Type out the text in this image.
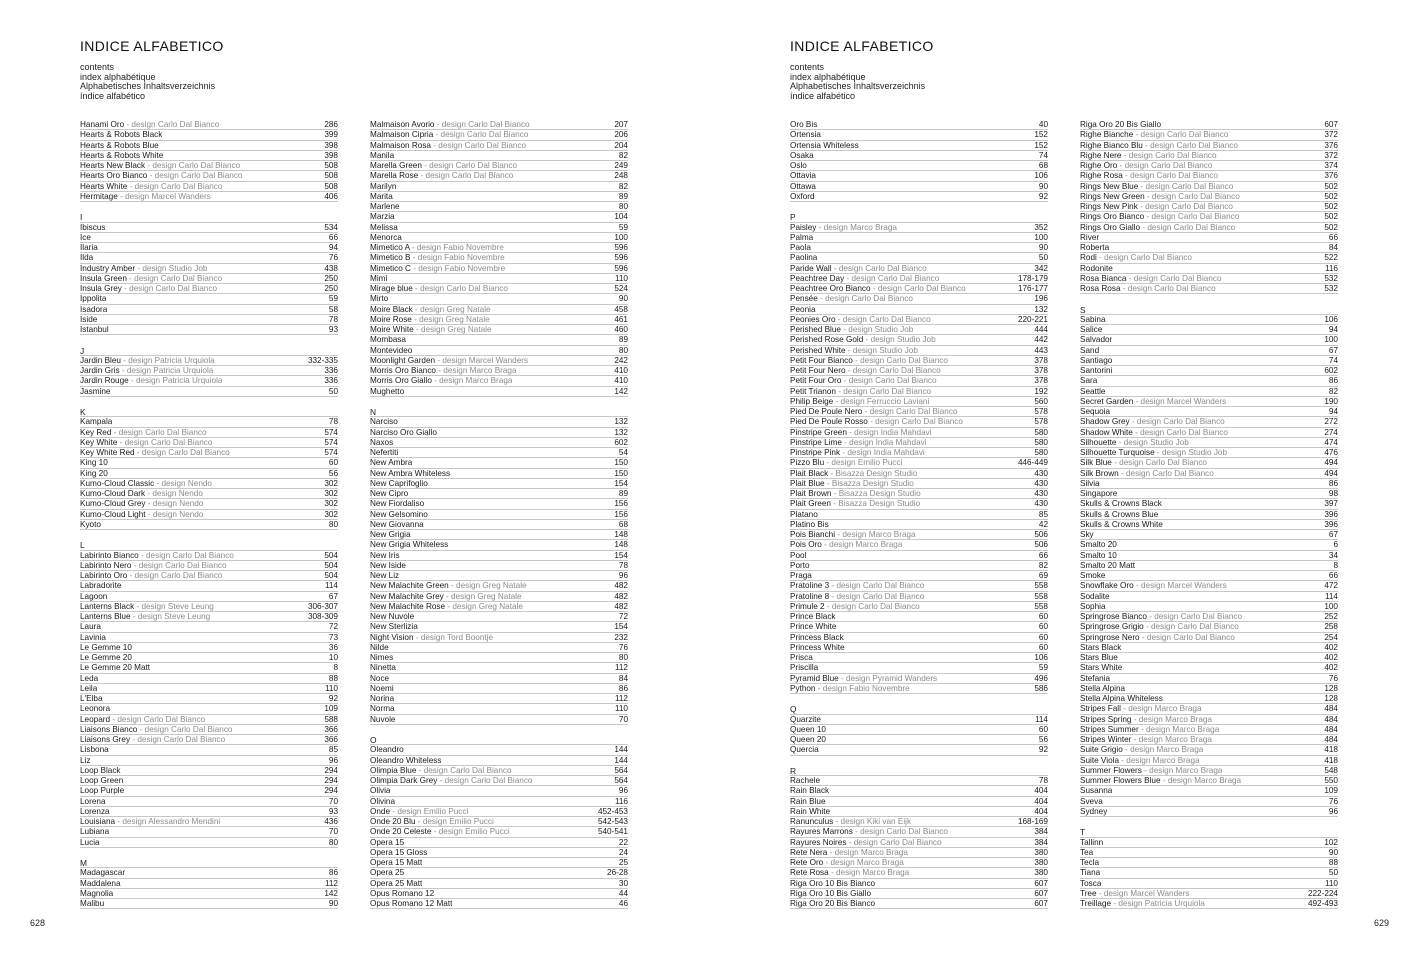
INDICE ALFABETICO
contents
index alphabétique
Alphabetisches Inhaltsverzeichnis
índice alfabético
Hanami Oro - design Carlo Dal Bianco	286
Hearts & Robots Black	399
Hearts & Robots Blue	398
Hearts & Robots White	398
Hearts New Black - design Carlo Dal Bianco	508
Hearts Oro Bianco - design Carlo Dal Bianco	508
Hearts White - design Carlo Dal Bianco	508
Hermitage - design Marcel Wanders	406
I
Ibiscus	534
Ice	66
Ilaria	94
Ilda	76
Industry Amber - design Studio Job	438
Insula Green - design Carlo Dal Bianco	250
Insula Grey - design Carlo Dal Bianco	250
Ippolita	59
Isadora	58
Iside	78
Istanbul	93
J
Jardin Bleu - design Patricia Urquiola	332-335
Jardin Gris - design Patricia Urquiola	336
Jardin Rouge - design Patricia Urquiola	336
Jasmine	50
K
Kampala	78
Key Red - design Carlo Dal Bianco	574
Key White - design Carlo Dal Bianco	574
Key White Red - design Carlo Dal Bianco	574
King 10	60
King 20	56
Kumo-Cloud Classic - design Nendo	302
Kumo-Cloud Dark - design Nendo	302
Kumo-Cloud Grey - design Nendo	302
Kumo-Cloud Light - design Nendo	302
Kyoto	80
L
Labirinto Bianco - design Carlo Dal Bianco	504
Labirinto Nero - design Carlo Dal Bianco	504
Labirinto Oro - design Carlo Dal Bianco	504
Labradorite	114
Lagoon	67
Lanterns Black - design Steve Leung	306-307
Lanterns Blue - design Steve Leung	308-309
Laura	72
Lavinia	73
Le Gemme 10	36
Le Gemme 20	10
Le Gemme 20 Matt	8
Leda	88
Leila	110
L'Elba	92
Leonora	109
Leopard - design Carlo Dal Bianco	588
Liaisons Bianco - design Carlo Dal Bianco	366
Liaisons Grey - design Carlo Dal Bianco	366
Lisbona	85
Liz	96
Loop Black	294
Loop Green	294
Loop Purple	294
Lorena	70
Lorenza	93
Louisiana - design Alessandro Mendini	436
Lubiana	70
Lucia	80
M
Madagascar	86
Maddalena	112
Magnolia	142
Malibu	90
Malmaison Avorio - design Carlo Dal Bianco	207
Malmaison Cipria - design Carlo Dal Bianco	206
Malmaison Rosa - design Carlo Dal Bianco	204
Manila	82
Marella Green - design Carlo Dal Bianco	249
Marella Rose - design Carlo Dal Bianco	248
Marilyn	82
Marita	89
Marlene	80
Marzia	104
Melissa	59
Menorca	100
Mimetico A - design Fabio Novembre	596
Mimetico B - design Fabio Novembre	596
Mimetico C - design Fabio Novembre	596
Mimì	110
Mirage blue - design Carlo Dal Bianco	524
Mirto	90
Moire Black - design Greg Natale	458
Moire Rose - design Greg Natale	461
Moire White - design Greg Natale	460
Mombasa	89
Montevideo	80
Moonlight Garden - design Marcel Wanders	242
Morris Oro Bianco - design Marco Braga	410
Morris Oro Giallo - design Marco Braga	410
Mughetto	142
N
Narciso	132
Narciso Oro Giallo	132
Naxos	602
Nefertiti	54
New Ambra	150
New Ambra Whiteless	150
New Caprifoglio	154
New Cipro	89
New Fiordaliso	156
New Gelsomino	156
New Giovanna	68
New Grigia	148
New Grigia Whiteless	148
New Iris	154
New Iside	78
New Liz	96
New Malachite Green - design Greg Natale	482
New Malachite Grey - design Greg Natale	482
New Malachite Rose - design Greg Natale	482
New Nuvole	72
New Sterlizia	154
Night Vision - design Tord Boontje	232
Nilde	76
Nimes	80
Ninetta	112
Noce	84
Noemi	86
Norina	112
Norma	110
Nuvole	70
O
Oleandro	144
Oleandro Whiteless	144
Olimpia Blue - design Carlo Dal Bianco	564
Olimpia Dark Grey - design Carlo Dal Bianco	564
Olivia	96
Olivina	116
Onde - design Emilio Pucci	452-453
Onde 20 Blu - design Emilio Pucci	542-543
Onde 20 Celeste - design Emilio Pucci	540-541
Opera 15	22
Opera 15 Gloss	24
Opera 15 Matt	25
Opera 25	26-28
Opera 25 Matt	30
Opus Romano 12	44
Opus Romano 12 Matt	46
628
INDICE ALFABETICO
contents
index alphabétique
Alphabetisches Inhaltsverzeichnis
índice alfabético
Oro Bis	40
Ortensia	152
Ortensia Whiteless	152
Osaka	74
Oslo	68
Ottavia	106
Ottawa	90
Oxford	92
P
Paisley - design Marco Braga	352
Palma	100
Paola	90
Paolina	50
Paride Wall - design Carlo Dal Bianco	342
Peachtree Day - design Carlo Dal Bianco	178-179
Peachtree Oro Bianco - design Carlo Dal Bianco	176-177
Pensée - design Carlo Dal Bianco	196
Peonia	132
Peonies Oro - design Carlo Dal Bianco	220-221
Perished Blue - design Studio Job	444
Perished Rose Gold - design Studio Job	442
Perished White - design Studio Job	443
Petit Four Bianco - design Carlo Dal Bianco	378
Petit Four Nero - design Carlo Dal Bianco	378
Petit Four Oro - design Carlo Dal Bianco	378
Petit Trianon - design Carlo Dal Bianco	192
Philip Beige - design Ferruccio Laviani	560
Pied De Poule Nero - design Carlo Dal Bianco	578
Pied De Poule Rosso - design Carlo Dal Bianco	578
Pinstripe Green - design India Mahdavi	580
Pinstripe Lime - design India Mahdavi	580
Pinstripe Pink - design India Mahdavi	580
Pizzo Blu - design Emilio Pucci	446-449
Plait Black - Bisazza Design Studio	430
Plait Blue - Bisazza Design Studio	430
Plait Brown - Bisazza Design Studio	430
Plait Green - Bisazza Design Studio	430
Platano	85
Platino Bis	42
Pois Bianchi - design Marco Braga	506
Pois Oro - design Marco Braga	506
Pool	66
Porto	82
Praga	69
Pratoline 3 - design Carlo Dal Bianco	558
Pratoline 8 - design Carlo Dal Bianco	558
Primule 2 - design Carlo Dal Bianco	558
Prince Black	60
Prince White	60
Princess Black	60
Princess White	60
Prisca	106
Priscilla	59
Pyramid Blue - design Pyramid Wanders	496
Python - design Fabio Novembre	586
Q
Quarzite	114
Queen 10	60
Queen 20	56
Quercia	92
R
Rachele	78
Rain Black	404
Rain Blue	404
Rain White	404
Ranunculus - design Kiki van Eijk	168-169
Rayures Marrons - design Carlo Dal Bianco	384
Rayures Noires - design Carlo Dal Bianco	384
Rete Nera - design Marco Braga	380
Rete Oro - design Marco Braga	380
Rete Rosa - design Marco Braga	380
Riga Oro 10 Bis Bianco	607
Riga Oro 10 Bis Giallo	607
Riga Oro 20 Bis Bianco	607
Riga Oro 20 Bis Giallo	607
Righe Bianche - design Carlo Dal Bianco	372
Righe Bianco Blu - design Carlo Dal Bianco	376
Righe Nere - design Carlo Dal Bianco	372
Righe Oro - design Carlo Dal Bianco	374
Righe Rosa - design Carlo Dal Bianco	376
Rings New Blue - design Carlo Dal Bianco	502
Rings New Green - design Carlo Dal Bianco	502
Rings New Pink - design Carlo Dal Bianco	502
Rings Oro Bianco - design Carlo Dal Bianco	502
Rings Oro Giallo - design Carlo Dal Bianco	502
River	66
Roberta	84
Rodi - design Carlo Dal Bianco	522
Rodonite	116
Rosa Bianca - design Carlo Dal Bianco	532
Rosa Rosa - design Carlo Dal Bianco	532
S
Sabina	106
Salice	94
Salvador	100
Sand	67
Santiago	74
Santorini	602
Sara	86
Seattle	82
Secret Garden - design Marcel Wanders	190
Sequoia	94
Shadow Grey - design Carlo Dal Bianco	272
Shadow White - design Carlo Dal Bianco	274
Silhouette - design Studio Job	474
Silhouette Turquoise - design Studio Job	476
Silk Blue - design Carlo Dal Bianco	494
Silk Brown - design Carlo Dal Bianco	494
Silvia	86
Singapore	98
Skulls & Crowns Black	397
Skulls & Crowns Blue	396
Skulls & Crowns White	396
Sky	67
Smalto 20	6
Smalto 10	34
Smalto 20 Matt	8
Smoke	66
Snowflake Oro - design Marcel Wanders	472
Sodalite	114
Sophia	100
Springrose Bianco - design Carlo Dal Bianco	252
Springrose Grigio - design Carlo Dal Bianco	258
Springrose Nero - design Carlo Dal Bianco	254
Stars Black	402
Stars Blue	402
Stars White	402
Stefania	76
Stella Alpina	128
Stella Alpina Whiteless	128
Stripes Fall - design Marco Braga	484
Stripes Spring - design Marco Braga	484
Stripes Summer - design Marco Braga	484
Stripes Winter - design Marco Braga	484
Suite Grigio - design Marco Braga	418
Suite Viola - design Marco Braga	418
Summer Flowers - design Marco Braga	548
Summer Flowers Blue - design Marco Braga	550
Susanna	109
Sveva	76
Sydney	96
T
Tallinn	102
Tea	90
Tecla	88
Tiana	50
Tosca	110
Tree - design Marcel Wanders	222-224
Treillage - design Patricia Urquiola	492-493
629
